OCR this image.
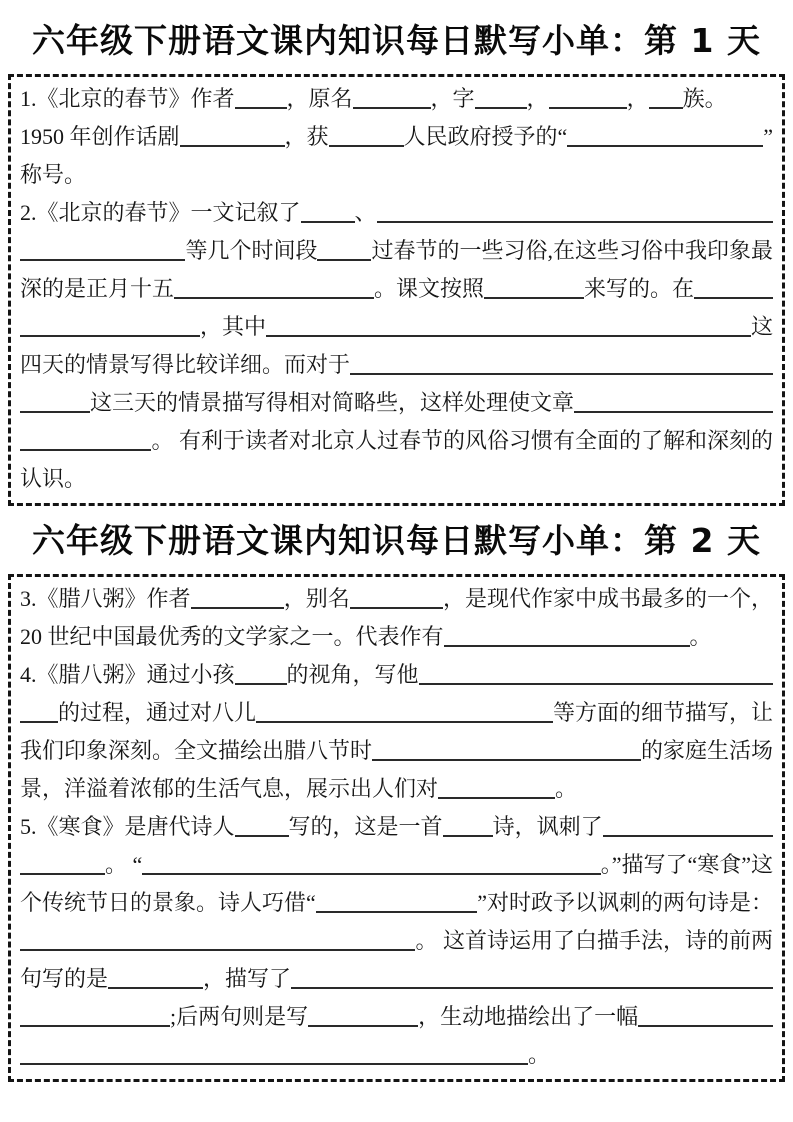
六年级下册语文课内知识每日默写小单：第 1 天
1.《北京的春节》作者 ，原名	，字 ，	， 族。
1950 年创作话剧	，获	人民政府授予的“	”
称号。
2.《北京的春节》一文记叙了 、
等几个时间段 过春节的一些习俗,在这些习俗中我印象最
深的是正月十五	。课文按照	来写的。在
，其中	这
四天的情景写得比较详细。而对于
这三天的情景描写得相对简略些，这样处理使文章
。 有利于读者对北京人过春节的风俗习惯有全面的了解和深刻的
认识。
六年级下册语文课内知识每日默写小单：第 2 天
3.《腊八粥》作者	，别名	，是现代作家中成书最多的一个，
20 世纪中国最优秀的文学家之一。代表作有	。
4.《腊八粥》通过小孩 的视角，写他
的过程，通过对八儿	等方面的细节描写，让
我们印象深刻。全文描绘出腊八节时	的家庭生活场
景，洋溢着浓郁的生活气息，展示出人们对	。
5.《寒食》是 唐 代诗人 写的，这是一首 诗，讽刺了
。 “	。”描写了“寒食”这
个传统节日的景象。诗人巧借“	”对时政予以讽刺的两句诗是：
。 这首诗运用了白描手法，诗的前两
句写的是	，描写了
;后两句则是写	，生动地描绘出了一幅
。
